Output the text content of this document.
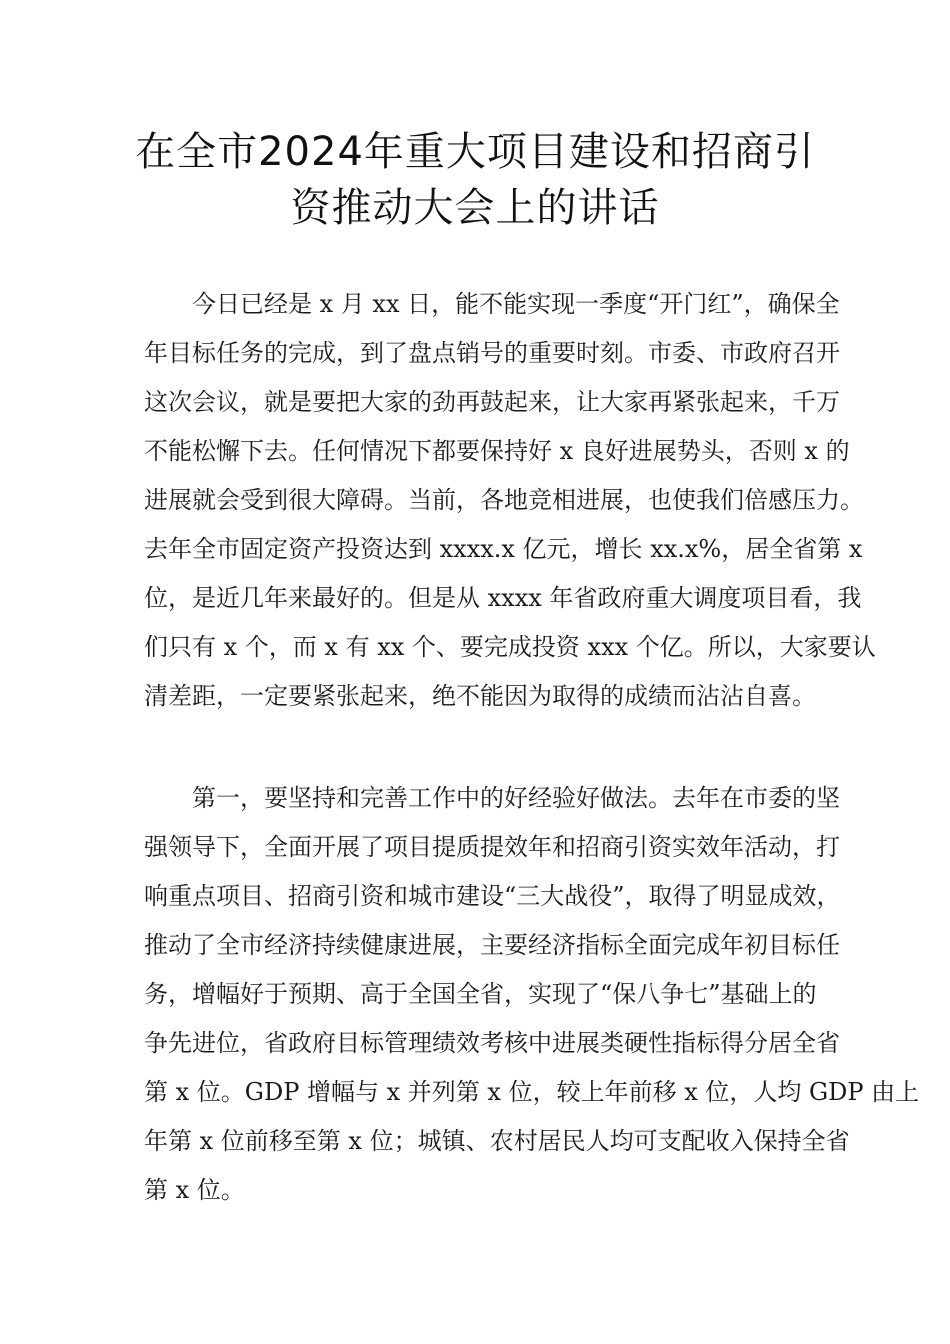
在全市2024年重大项目建设和招商引
资推动大会上的讲话
今日已经是 x 月 xx 日，能不能实现一季度“开门红”，确保全
年目标任务的完成，到了盘点销号的重要时刻。市委、市政府召开
这次会议，就是要把大家的劲再鼓起来，让大家再紧张起来，千万
不能松懈下去。任何情况下都要保持好 x 良好进展势头，否则 x 的
进展就会受到很大障碍。当前，各地竞相进展，也使我们倍感压力。
去年全市固定资产投资达到 xxxx.x 亿元，增长 xx.x%，居全省第 x
位，是近几年来最好的。但是从 xxxx 年省政府重大调度项目看，我
们只有 x 个，而 x 有 xx 个、要完成投资 xxx 个亿。所以，大家要认
清差距，一定要紧张起来，绝不能因为取得的成绩而沾沾自喜。
第一，要坚持和完善工作中的好经验好做法。去年在市委的坚
强领导下，全面开展了项目提质提效年和招商引资实效年活动，打
响重点项目、招商引资和城市建设“三大战役”，取得了明显成效，
推动了全市经济持续健康进展，主要经济指标全面完成年初目标任
务，增幅好于预期、高于全国全省，实现了“保八争七”基础上的
争先进位，省政府目标管理绩效考核中进展类硬性指标得分居全省
第 x 位。GDP 增幅与 x 并列第 x 位，较上年前移 x 位，人均 GDP 由上
年第 x 位前移至第 x 位；城镇、农村居民人均可支配收入保持全省
第 x 位。
